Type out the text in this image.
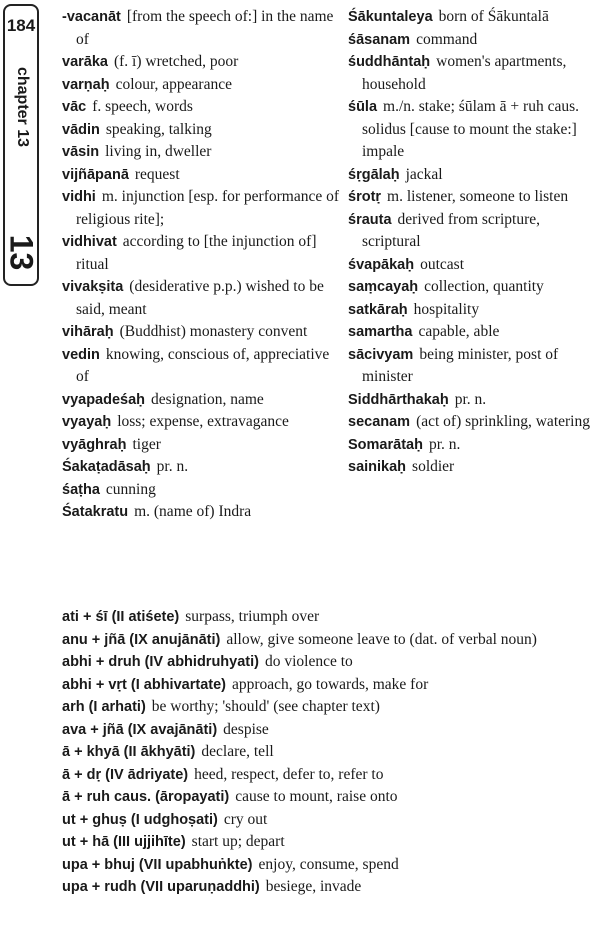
184
chapter 13
13

-vacanāt [from the speech of:] in the name of

varāka (f. ī) wretched, poor

varṇaḥ colour, appearance

vāc f. speech, words

vādin speaking, talking

vāsin living in, dweller

vijñāpanā request

vidhi m. injunction [esp. for performance of religious rite];

vidhivat according to [the injunction of] ritual

vivakṣita (desiderative p.p.) wished to be said, meant

vihāraḥ (Buddhist) monastery convent

vedin knowing, conscious of, appreciative of

vyapadeśaḥ designation, name

vyayaḥ loss; expense, extravagance

vyāghraḥ tiger

Śakaṭadāsaḥ pr. n.

śaṭha cunning

Śatakratu m. (name of) Indra

Śākuntaleya born of Śākuntalā

śāsanam command

śuddhāntaḥ women's apartments, household

śūla m./n. stake; śūlam ā + ruh caus. solidus [cause to mount the stake:] impale

śṛgālaḥ jackal

śrotṛ m. listener, someone to listen

śrauta derived from scripture, scriptural

śvapākaḥ outcast

saṃcayaḥ collection, quantity

satkāraḥ hospitality

samartha capable, able

sācivyam being minister, post of minister

Siddhārthakaḥ pr. n.

secanam (act of) sprinkling, watering

Somarātaḥ pr. n.

sainikaḥ soldier

ati + śī (II atiśete) surpass, triumph over

anu + jñā (IX anujānāti) allow, give someone leave to (dat. of verbal noun)

abhi + druh (IV abhidruhyati) do violence to

abhi + vṛt (I abhivartate) approach, go towards, make for

arh (I arhati) be worthy; 'should' (see chapter text)

ava + jñā (IX avajānāti) despise

ā + khyā (II ākhyāti) declare, tell

ā + dṛ (IV ādriyate) heed, respect, defer to, refer to

ā + ruh caus. (āropayati) cause to mount, raise onto

ut + ghuṣ (I udghoṣati) cry out

ut + hā (III ujjihīte) start up; depart

upa + bhuj (VII upabhuṅkte) enjoy, consume, spend

upa + rudh (VII uparuṇaddhi) besiege, invade
